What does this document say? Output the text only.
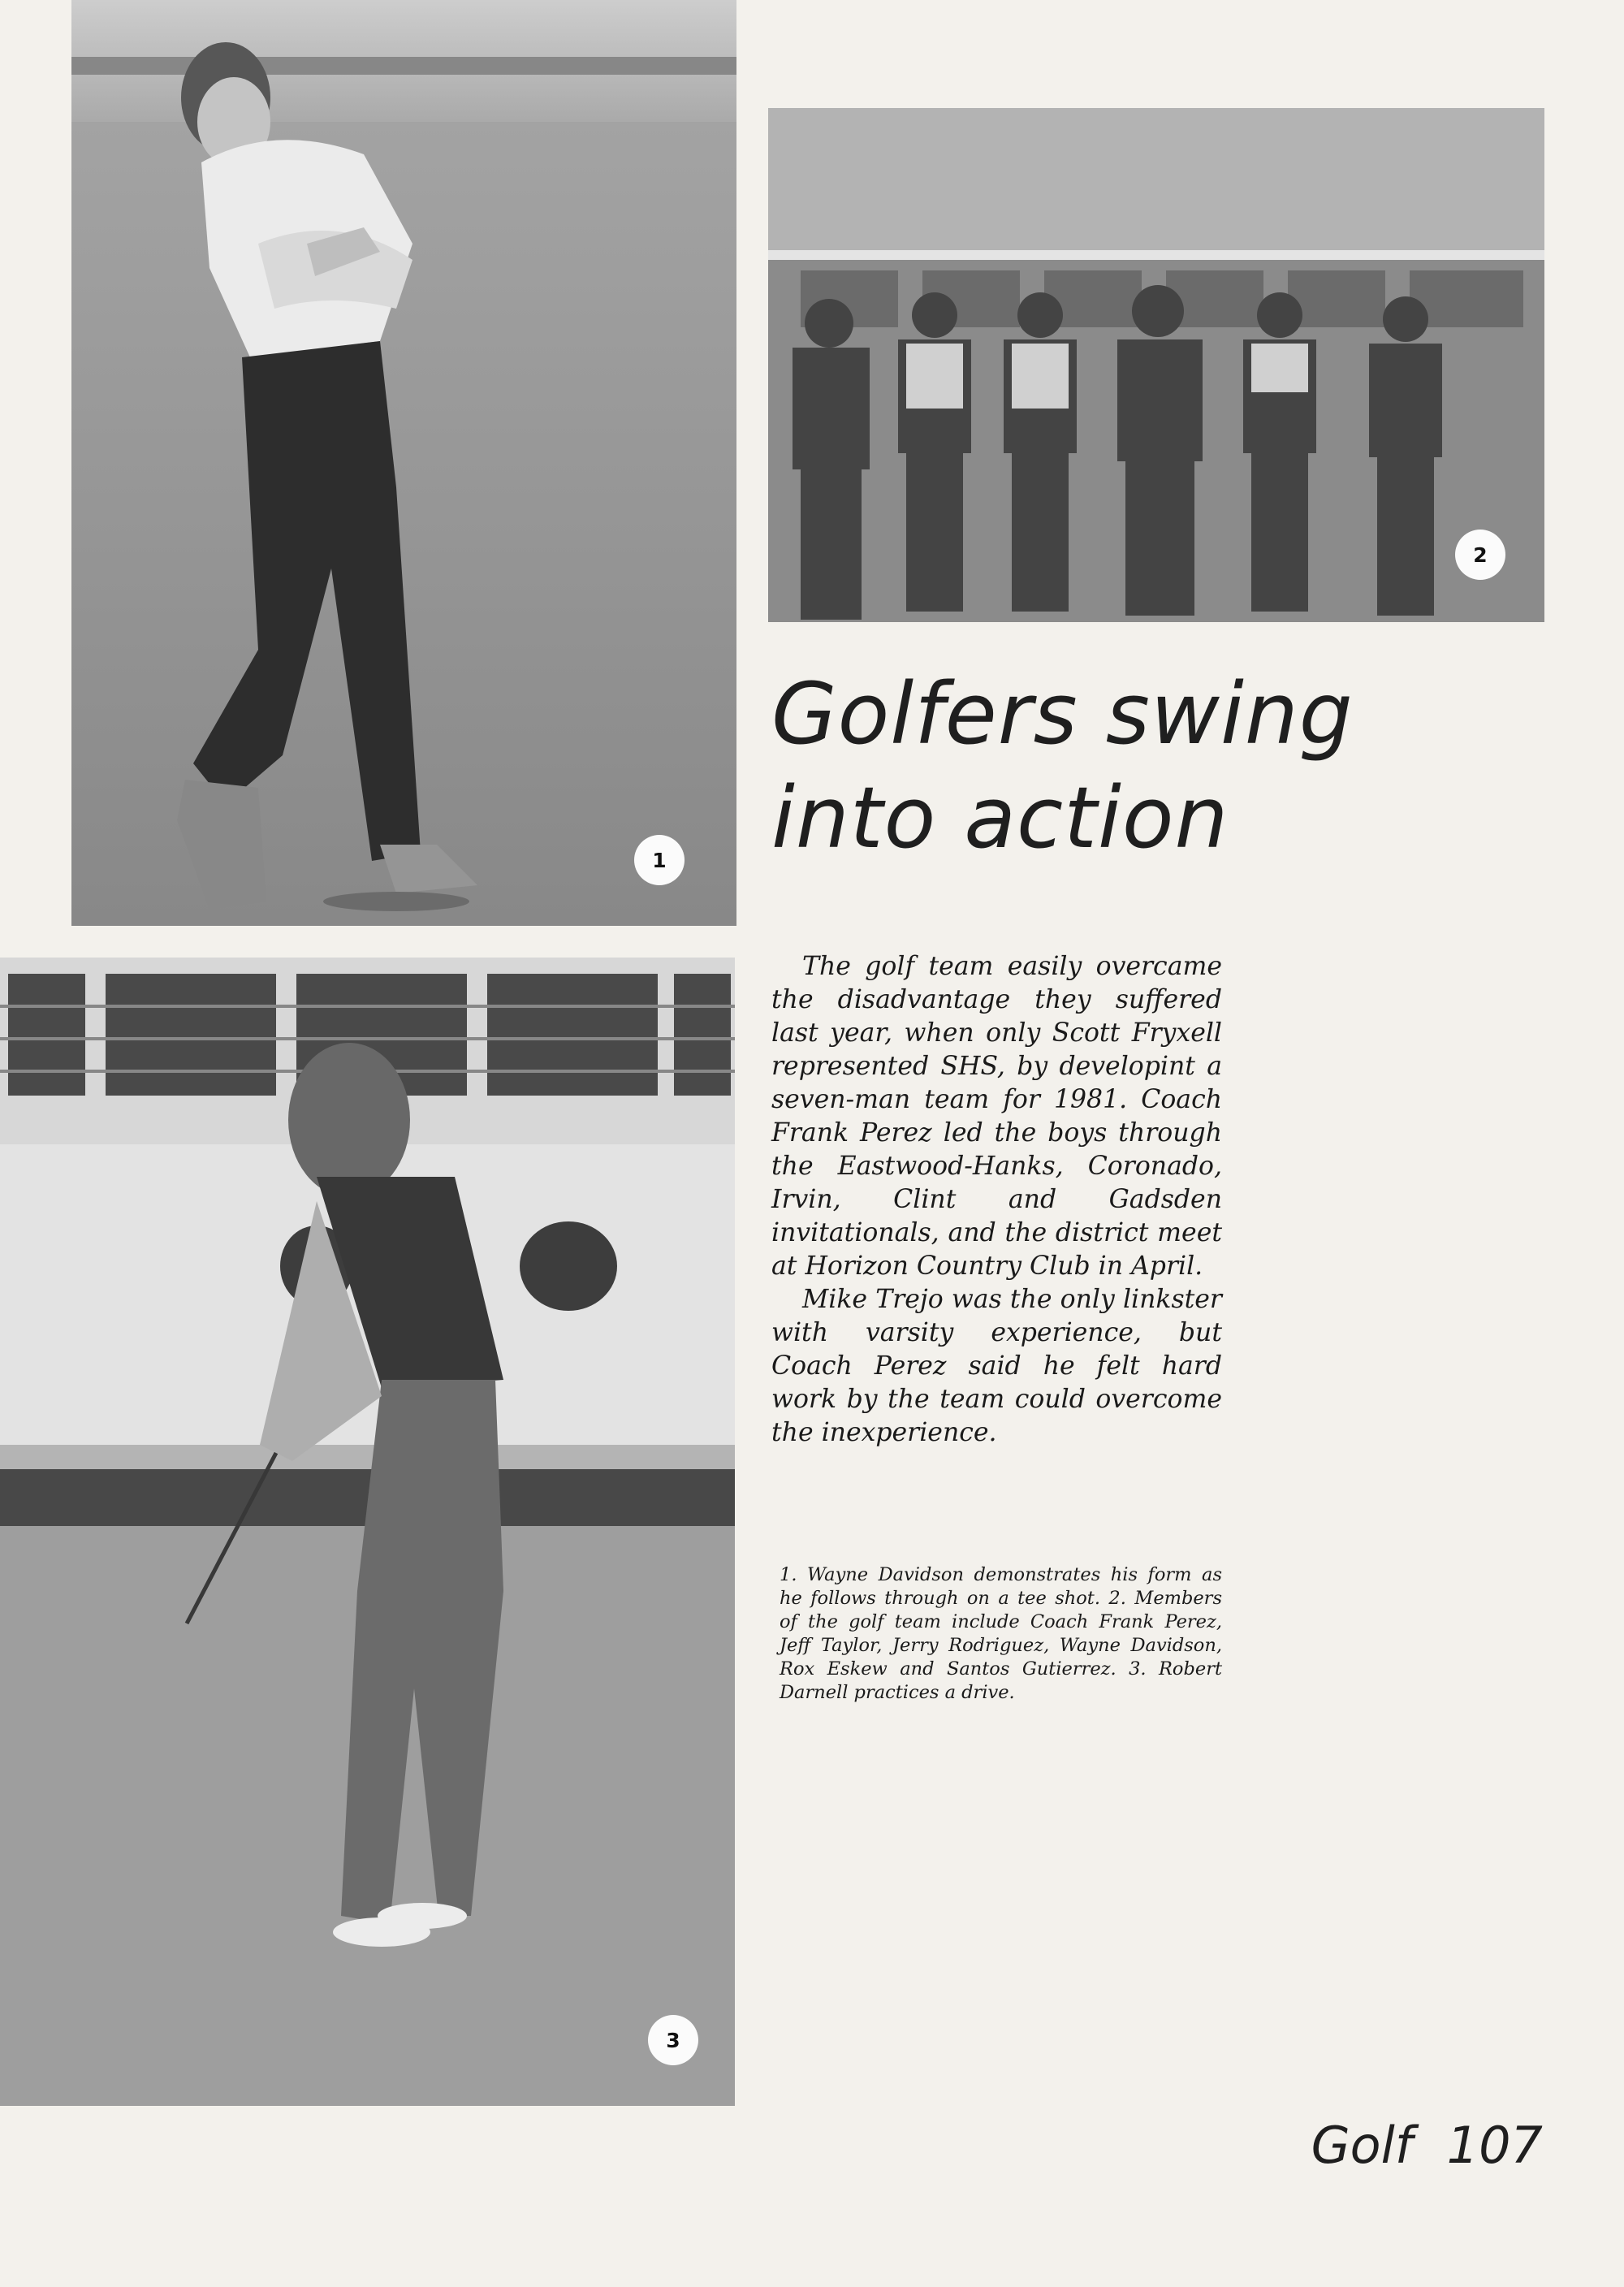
1
2
3
Golfers swing
into action

The golf team easily overcame the disadvantage they suffered last year, when only Scott Fryxell represented SHS, by developint a seven-man team for 1981. Coach Frank Perez led the boys through the Eastwood-Hanks, Coronado, Irvin, Clint and Gadsden invitationals, and the district meet at Horizon Country Club in April.

Mike Trejo was the only linkster with varsity experience, but Coach Perez said he felt hard work by the team could overcome the inexperience.

1. Wayne Davidson demonstrates his form as he follows through on a tee shot. 2. Members of the golf team include Coach Frank Perez, Jeff Taylor, Jerry Rodriguez, Wayne Davidson, Rox Eskew and Santos Gutierrez. 3. Robert Darnell practices a drive.

Golf 107
